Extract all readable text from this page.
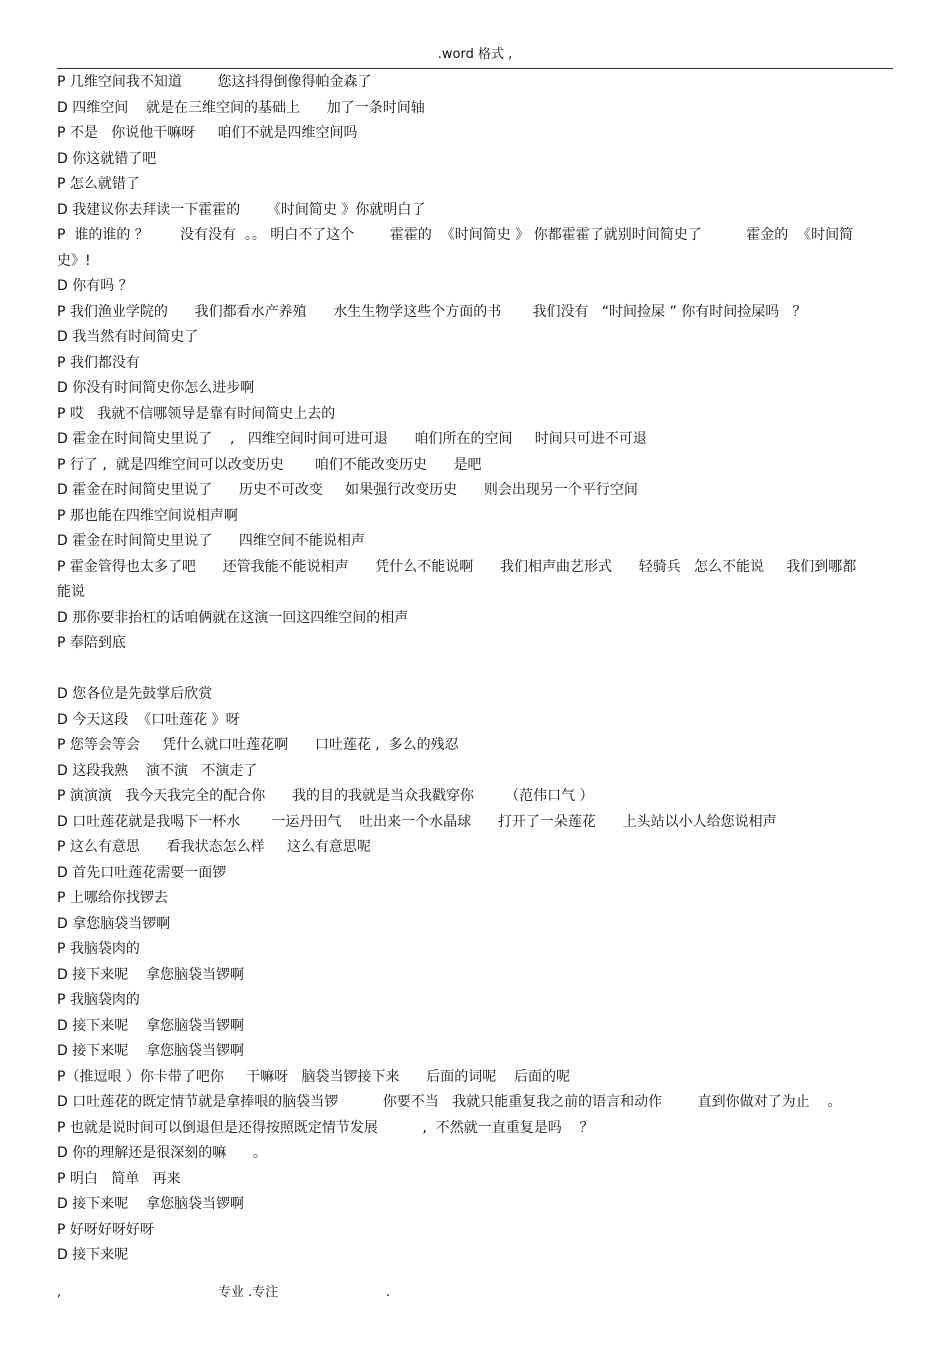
.word 格式 ,
P 几维空间我不知道        您这抖得倒像得帕金森了
D 四维空间    就是在三维空间的基础上      加了一条时间轴
P 不是   你说他干嘛呀     咱们不就是四维空间吗
D 你这就错了吧
P 怎么就错了
D 我建议你去拜读一下霍霍的      《时间简史 》你就明白了
P  谁的谁的 ？       没有没有  。。 明白不了这个        霍霍的  《时间简史 》 你都霍霍了就别时间简史了          霍金的  《时间简
史》!
D 你有吗 ？
P 我们渔业学院的      我们都看水产养殖      水生生物学这些个方面的书       我们没有   “时间捡屎 ” 你有时间捡屎吗   ？
D 我当然有时间简史了
P 我们都没有
D 你没有时间简史你怎么进步啊
P 哎   我就不信哪领导是靠有时间简史上去的
D 霍金在时间简史里说了    ,   四维空间时间可进可退      咱们所在的空间     时间只可进不可退
P 行了 ,  就是四维空间可以改变历史       咱们不能改变历史      是吧
D 霍金在时间简史里说了      历史不可改变     如果强行改变历史      则会出现另一个平行空间
P 那也能在四维空间说相声啊
D 霍金在时间简史里说了      四维空间不能说相声
P 霍金管得也太多了吧      还管我能不能说相声      凭什么不能说啊      我们相声曲艺形式      轻骑兵   怎么不能说     我们到哪都
能说
D 那你要非抬杠的话咱俩就在这演一回这四维空间的相声
P 奉陪到底
D 您各位是先鼓掌后欣赏
D 今天这段  《口吐莲花 》呀
P 您等会等会     凭什么就口吐莲花啊      口吐莲花 ,  多么的残忍
D 这段我熟    演不演   不演走了
P 演演演   我今天我完全的配合你      我的目的我就是当众我戳穿你       （范伟口气 ）
D 口吐莲花就是我喝下一杯水       一运丹田气    吐出来一个水晶球      打开了一朵莲花      上头站以小人给您说相声
P 这么有意思      看我状态怎么样     这么有意思呢
D 首先口吐莲花需要一面锣
P 上哪给你找锣去
D 拿您脑袋当锣啊
P 我脑袋肉的
D 接下来呢    拿您脑袋当锣啊
P 我脑袋肉的
D 接下来呢    拿您脑袋当锣啊
D 接下来呢    拿您脑袋当锣啊
P（推逗哏 ）你卡带了吧你     干嘛呀   脑袋当锣接下来      后面的词呢    后面的呢
D 口吐莲花的既定情节就是拿捧哏的脑袋当锣          你要不当   我就只能重复我之前的语言和动作        直到你做对了为止    。
P 也就是说时间可以倒退但是还得按照既定情节发展          ,  不然就一直重复是吗    ？
D 你的理解还是很深刻的嘛      。
P 明白   简单   再来
D 接下来呢    拿您脑袋当锣啊
P 好呀好呀好呀
D 接下来呢
,	专业 .专注	.
